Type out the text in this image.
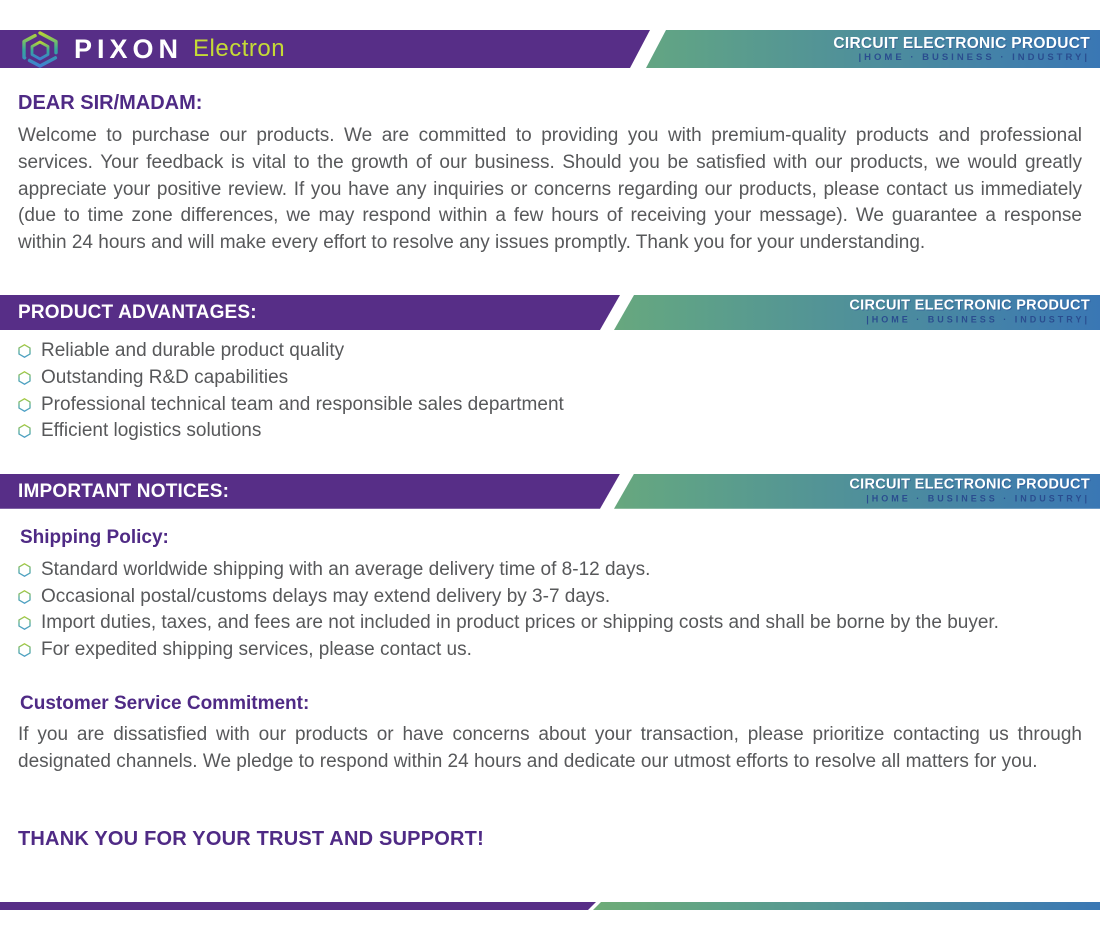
PIXON Electron	CIRCUIT ELECTRONIC PRODUCT
|HOME · BUSINESS · INDUSTRY|
DEAR SIR/MADAM:
Welcome to purchase our products. We are committed to providing you with premium-quality products and professional services. Your feedback is vital to the growth of our business. Should you be satisfied with our products, we would greatly appreciate your positive review. If you have any inquiries or concerns regarding our products, please contact us immediately (due to time zone differences, we may respond within a few hours of receiving your message). We guarantee a response within 24 hours and will make every effort to resolve any issues promptly. Thank you for your understanding.
PRODUCT ADVANTAGES:	CIRCUIT ELECTRONIC PRODUCT
|HOME · BUSINESS · INDUSTRY|
Reliable and durable product quality
Outstanding R&D capabilities
Professional technical team and responsible sales department
Efficient logistics solutions
IMPORTANT NOTICES:	CIRCUIT ELECTRONIC PRODUCT
|HOME · BUSINESS · INDUSTRY|
Shipping Policy:
Standard worldwide shipping with an average delivery time of 8-12 days.
Occasional postal/customs delays may extend delivery by 3-7 days.
Import duties, taxes, and fees are not included in product prices or shipping costs and shall be borne by the buyer.
For expedited shipping services, please contact us.
Customer Service Commitment:
If you are dissatisfied with our products or have concerns about your transaction, please prioritize contacting us through designated channels. We pledge to respond within 24 hours and dedicate our utmost efforts to resolve all matters for you.
THANK YOU FOR YOUR TRUST AND SUPPORT!
